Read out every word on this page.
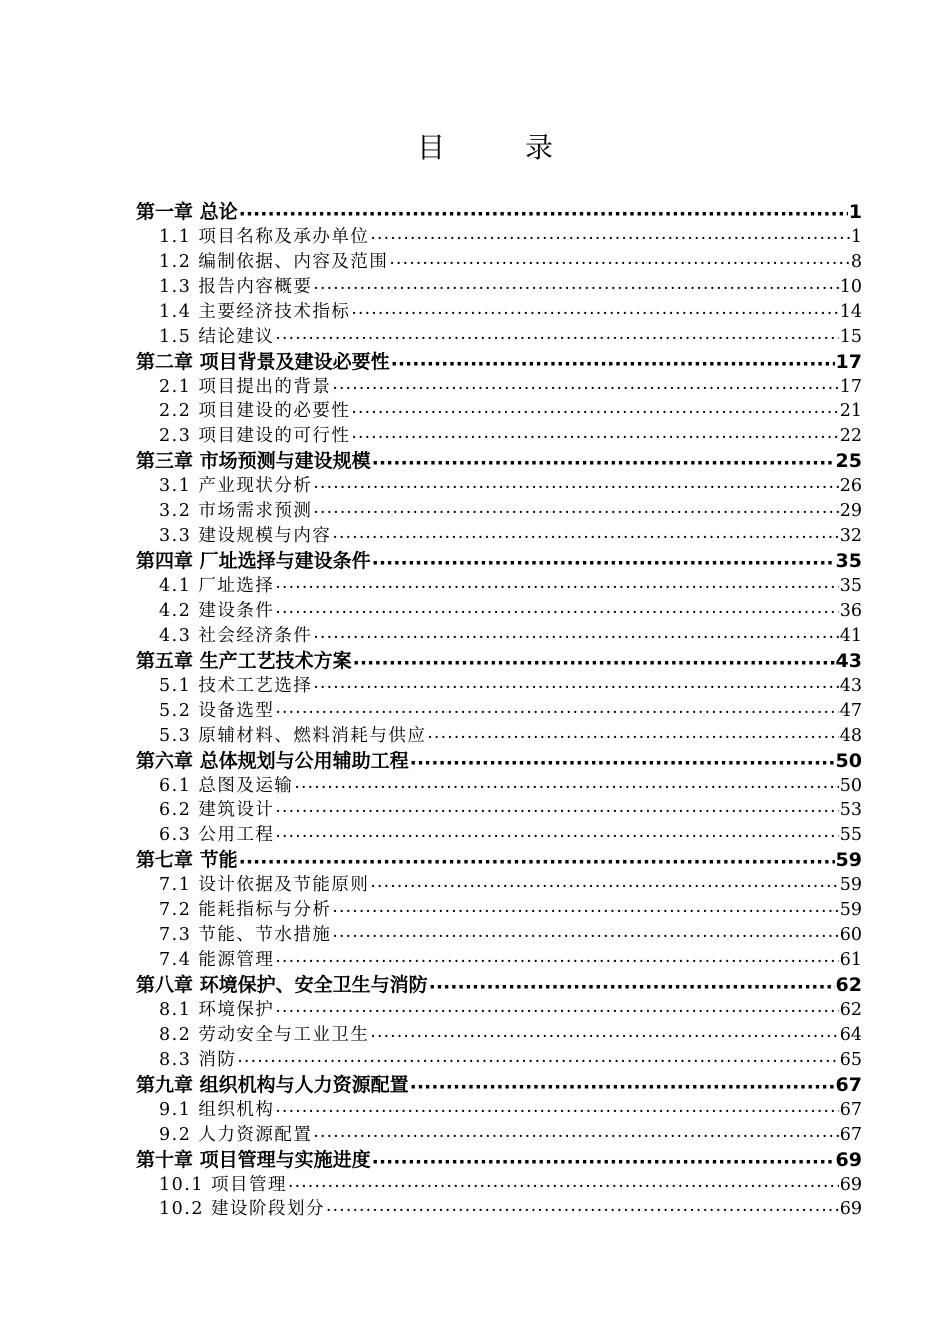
目　录
第一章 总论 ·····	1
1.1 项目名称及承办单位 ·····	1
1.2 编制依据、内容及范围 ·····	8
1.3 报告内容概要 ·····	10
1.4 主要经济技术指标 ·····	14
1.5 结论建议 ·····	15
第二章 项目背景及建设必要性 ·····	17
2.1 项目提出的背景 ·····	17
2.2 项目建设的必要性 ·····	21
2.3 项目建设的可行性 ·····	22
第三章 市场预测与建设规模 ·····	25
3.1 产业现状分析 ·····	26
3.2 市场需求预测 ·····	29
3.3 建设规模与内容 ·····	32
第四章 厂址选择与建设条件 ·····	35
4.1 厂址选择 ·····	35
4.2 建设条件 ·····	36
4.3 社会经济条件 ·····	41
第五章 生产工艺技术方案 ·····	43
5.1 技术工艺选择 ·····	43
5.2 设备选型 ·····	47
5.3 原辅材料、燃料消耗与供应 ·····	48
第六章 总体规划与公用辅助工程 ·····	50
6.1 总图及运输 ·····	50
6.2 建筑设计 ·····	53
6.3 公用工程 ·····	55
第七章 节能 ·····	59
7.1 设计依据及节能原则 ·····	59
7.2 能耗指标与分析 ·····	59
7.3 节能、节水措施 ·····	60
7.4 能源管理 ·····	61
第八章 环境保护、安全卫生与消防 ·····	62
8.1 环境保护 ·····	62
8.2 劳动安全与工业卫生 ·····	64
8.3 消防 ·····	65
第九章 组织机构与人力资源配置 ·····	67
9.1 组织机构 ·····	67
9.2 人力资源配置 ·····	67
第十章 项目管理与实施进度 ·····	69
10.1 项目管理 ·····	69
10.2 建设阶段划分 ·····	69
